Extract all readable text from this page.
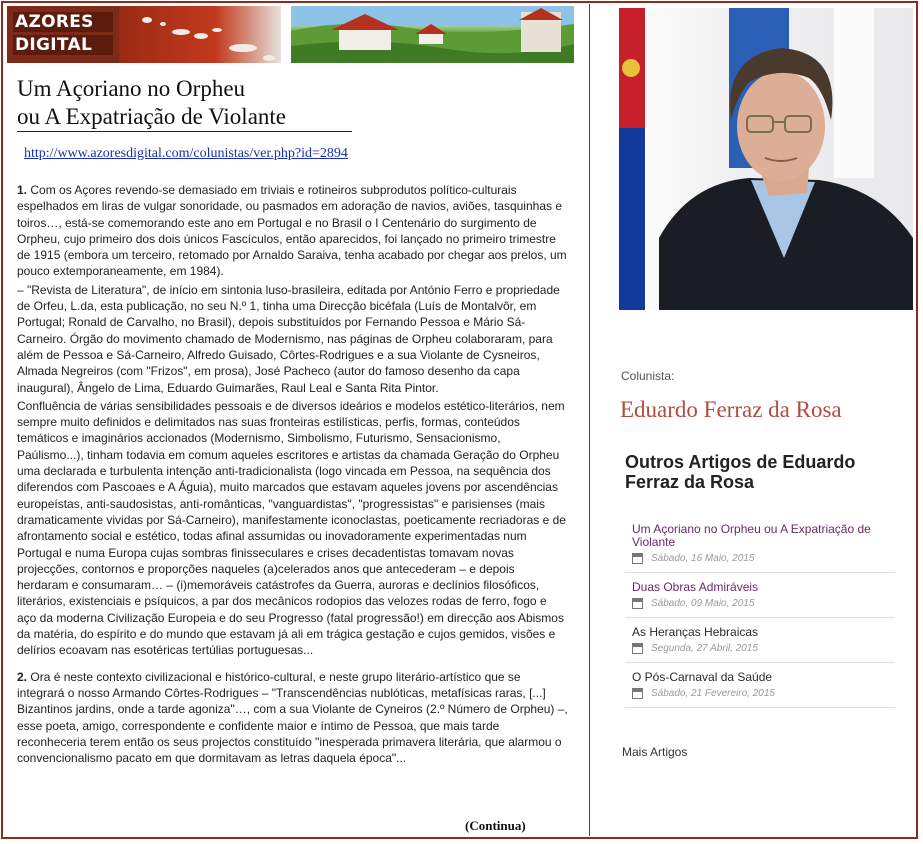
AZORES
DIGITAL
Um Açoriano no Orpheu

ou A Expatriação de Violante
http://www.azoresdigital.com/colunistas/ver.php?id=2894

1. Com os Açores revendo-se demasiado em triviais e rotineiros subprodutos político-culturais espelhados em liras de vulgar sonoridade, ou pasmados em adoração de navios, aviões, tasquinhas e toiros…, está-se comemorando este ano em Portugal e no Brasil o I Centenário do surgimento de Orpheu, cujo primeiro dos dois únicos Fascículos, então aparecidos, foi lançado no primeiro trimestre de 1915 (embora um terceiro, retomado por Arnaldo Saraiva, tenha acabado por chegar aos prelos, um pouco extemporaneamente, em 1984).

– "Revista de Literatura", de início em sintonia luso-brasileira, editada por António Ferro e propriedade de Orfeu, L.da, esta publicação, no seu N.º 1, tinha uma Direcção bicéfala (Luís de Montalvôr, em Portugal; Ronald de Carvalho, no Brasil), depois substituídos por Fernando Pessoa e Mário Sá-Carneiro. Órgão do movimento chamado de Modernismo, nas páginas de Orpheu colaboraram, para além de Pessoa e Sá-Carneiro, Alfredo Guisado, Côrtes-Rodrigues e a sua Violante de Cysneiros, Almada Negreiros (com "Frizos", em prosa), José Pacheco (autor do famoso desenho da capa inaugural), Ângelo de Lima, Eduardo Guimarães, Raul Leal e Santa Rita Pintor.

Confluência de várias sensibilidades pessoais e de diversos ideários e modelos estético-literários, nem sempre muito definidos e delimitados nas suas fronteiras estilísticas, perfis, formas, conteúdos temáticos e imaginários accionados (Modernismo, Simbolismo, Futurismo, Sensacionismo, Paúlismo...), tinham todavia em comum aqueles escritores e artistas da chamada Geração do Orpheu uma declarada e turbulenta intenção anti-tradicionalista (logo vincada em Pessoa, na sequência dos diferendos com Pascoaes e A Águia), muito marcados que estavam aqueles jovens por ascendências europeístas, anti-saudosistas, anti-românticas, "vanguardistas", "progressistas" e parisienses (mais dramaticamente vividas por Sá-Carneiro), manifestamente iconoclastas, poeticamente recriadoras e de afrontamento social e estético, todas afinal assumidas ou inovadoramente experimentadas num Portugal e numa Europa cujas sombras finisseculares e crises decadentistas tomavam novas projecções, contornos e proporções naqueles (a)celerados anos que antecederam – e depois herdaram e consumaram… – (i)memoráveis catástrofes da Guerra, auroras e declínios filosóficos, literários, existenciais e psíquicos, a par dos mecânicos rodopios das velozes rodas de ferro, fogo e aço da moderna Civilização Europeia e do seu Progresso (fatal progressão!) em direcção aos Abismos da matéria, do espírito e do mundo que estavam já ali em trágica gestação e cujos gemidos, visões e delírios ecoavam nas esotéricas tertúlias portuguesas...

2. Ora é neste contexto civilizacional e histórico-cultural, e neste grupo literário-artístico que se integrará o nosso Armando Côrtes-Rodrigues – "Transcendências nublóticas, metafísicas raras, [...] Bizantinos jardins, onde a tarde agoniza"…, com a sua Violante de Cyneiros (2.º Número de Orpheu) –, esse poeta, amigo, correspondente e confidente maior e íntimo de Pessoa, que mais tarde reconheceria terem então os seus projectos constituído "inesperada primavera literária, que alarmou o convencionalismo pacato em que dormitavam as letras daquela época"...

(Continua)
Colunista:
Eduardo Ferraz da Rosa
Outros Artigos de Eduardo Ferraz da Rosa
Um Açoriano no Orpheu ou A Expatriação de Violante
Sábado, 16 Maio, 2015
Duas Obras Admiráveis
Sábado, 09 Maio, 2015
As Heranças Hebraicas
Segunda, 27 Abril, 2015
O Pós-Carnaval da Saúde
Sábado, 21 Fevereiro, 2015
Mais Artigos
